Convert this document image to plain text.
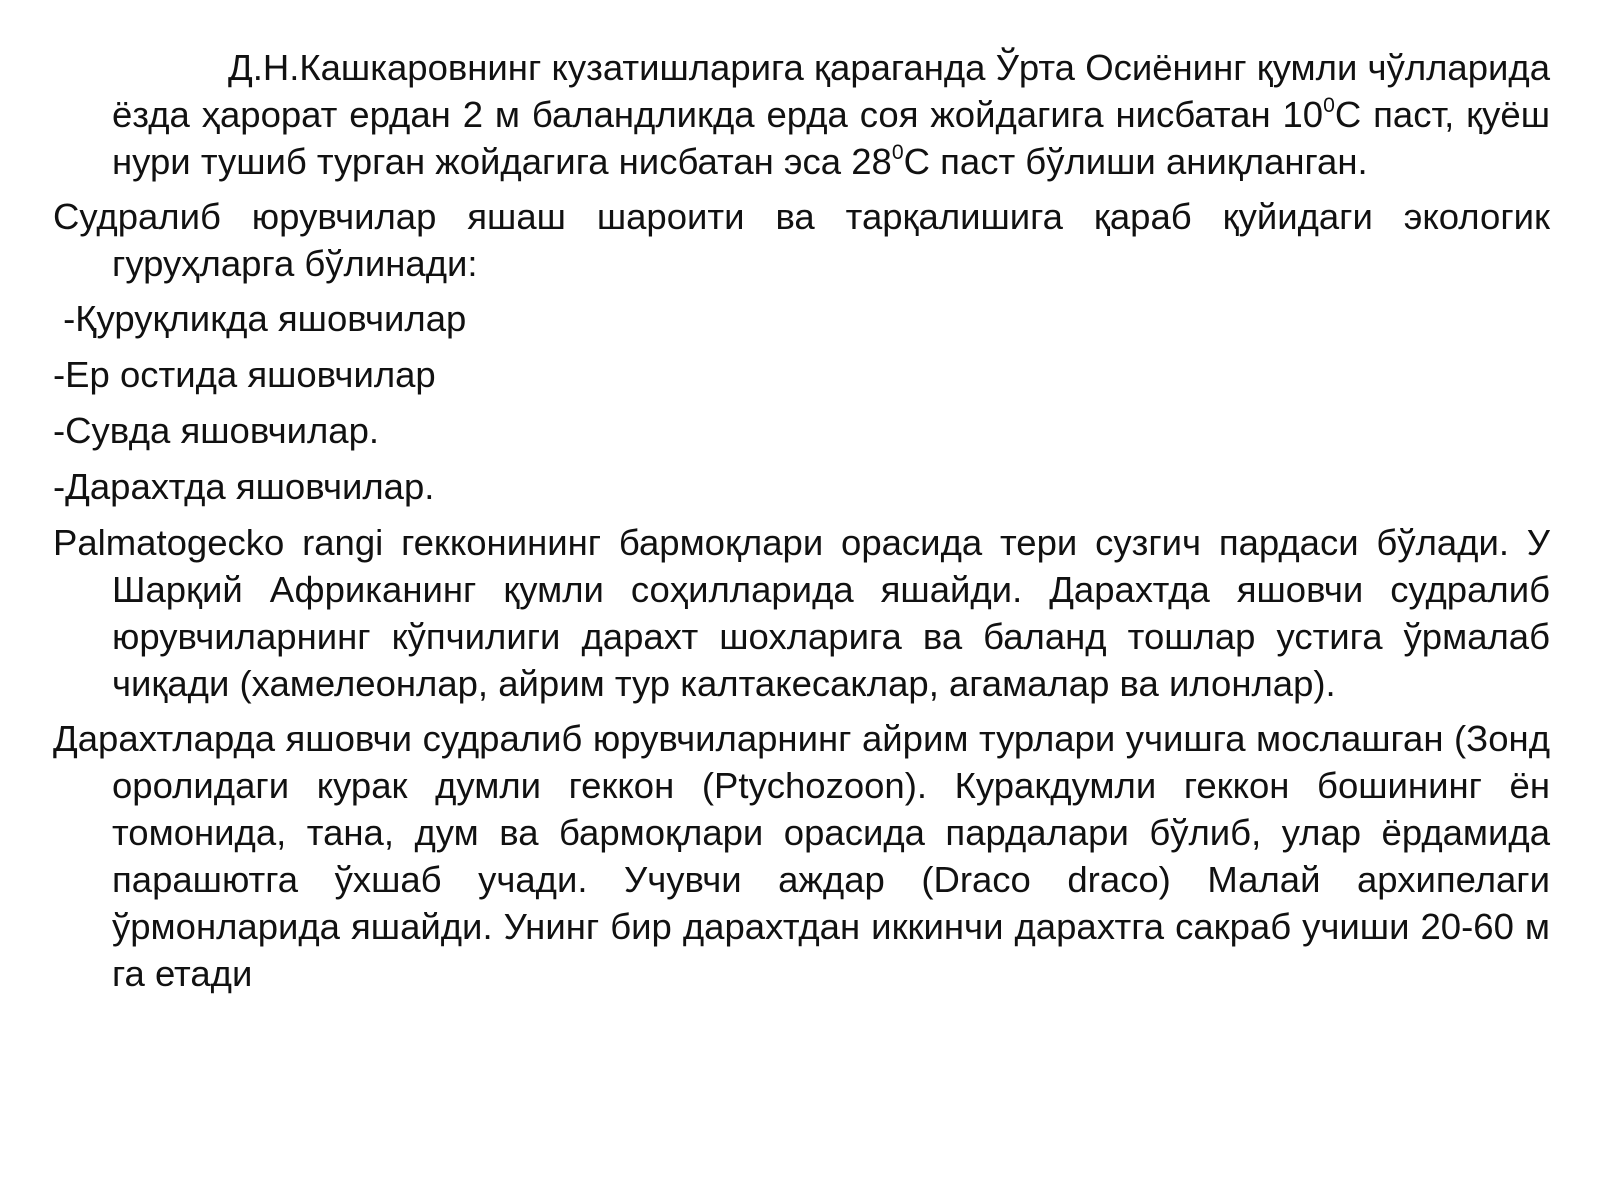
Д.Н.Кашкаровнинг кузатишларига қараганда Ўрта Осиёнинг қумли чўлларида ёзда ҳарорат ердан 2 м баландликда ерда соя жойдагига нисбатан $10^0С$ паст, қуёш нури тушиб турган жойдагига нисбатан эса $28^0С$ паст бўлиши аниқланган.

Судралиб юрувчилар яшаш шароити ва тарқалишига қараб қуйидаги экологик гуруҳларга бўлинади:

-Қуруқликда яшовчилар
-Ер остида яшовчилар
-Сувда яшовчилар.
-Дарахтда яшовчилар.

Palmatogecko rangi гекконининг бармоқлари орасида тери сузгич пардаси бўлади. У Шарқий Африканинг қумли соҳилларида яшайди. Дарахтда яшовчи судралиб юрувчиларнинг кўпчилиги дарахт шохларига ва баланд тошлар устига ўрмалаб чиқади (хамелеонлар, айрим тур калтакесаклар, агамалар ва илонлар).

Дарахтларда яшовчи судралиб юрувчиларнинг айрим турлари учишга мослашган (Зонд оролидаги курак думли геккон (Ptychozoon). Куракдумли геккон бошининг ён томонида, тана, дум ва бармоқлари орасида пардалари бўлиб, улар ёрдамида парашютга ўхшаб учади. Учувчи аждар (Draco draco) Малай архипелаги ўрмонларида яшайди. Унинг бир дарахтдан иккинчи дарахтга сакраб учиши 20-60 м га етади
